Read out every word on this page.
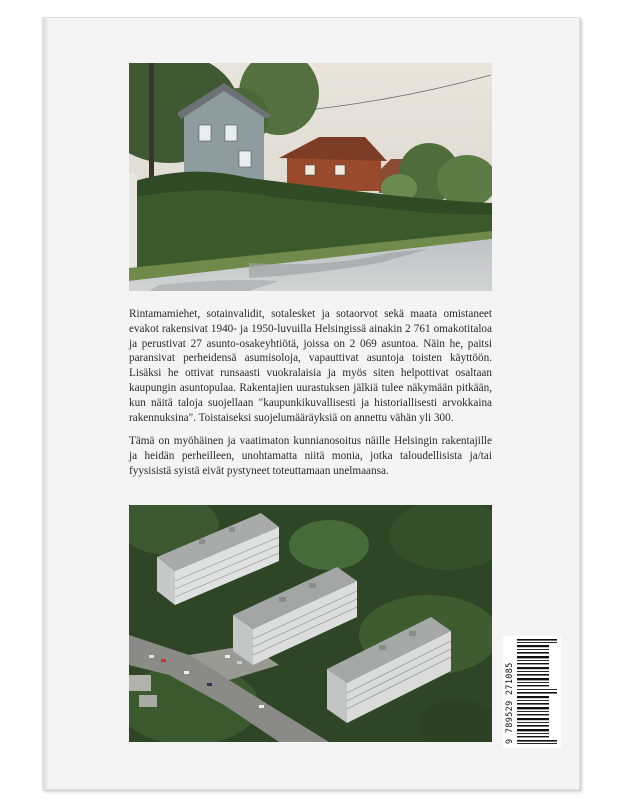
Rintamamiehet, sotainvalidit, sotalesket ja sotaorvot sekä maata omistaneet evakot rakensivat 1940- ja 1950-luvuilla Helsingissä ainakin 2 761 omakotitaloa ja perustivat 27 asunto-osakeyhtiötä, joissa on 2 069 asuntoa. Näin he, paitsi paransivat perheidensä asumisoloja, vapauttivat asuntoja toisten käyttöön. Lisäksi he ottivat runsaasti vuokralaisia ja myös siten helpottivat osaltaan kaupungin asuntopulaa. Rakentajien uurastuksen jälkiä tulee näkymään pitkään, kun näitä taloja suojellaan "kaupunkikuvallisesti ja historiallisesti arvokkaina rakennuksina". Toistaiseksi suojelumääräyksiä on annettu vähän yli 300.

Tämä on myöhäinen ja vaatimaton kunnianosoitus näille Helsingin rakentajille ja heidän perheilleen, unohtamatta niitä monia, jotka taloudellisista ja/tai fyysisistä syistä eivät pystyneet toteuttamaan unelmaansa.

9 789529 271085
